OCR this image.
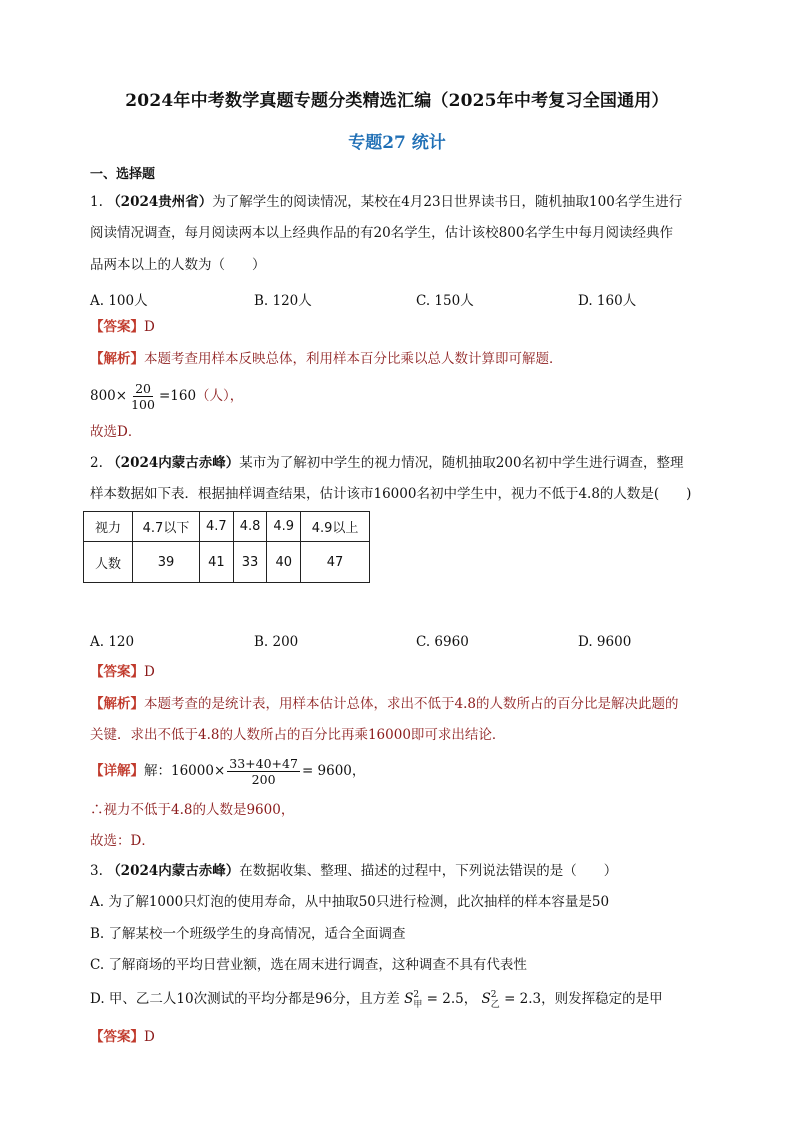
2024年中考数学真题专题分类精选汇编（2025年中考复习全国通用）
专题27 统计
一、选择题
1. （2024贵州省）为了解学生的阅读情况，某校在4月23日世界读书日，随机抽取100名学生进行
阅读情况调查，每月阅读两本以上经典作品的有20名学生，估计该校800名学生中每月阅读经典作
品两本以上的人数为（　　）
A. 100人	B. 120人	C. 150人	D. 160人
【答案】D
【解析】本题考查用样本反映总体，利用样本百分比乘以总人数计算即可解题．
$800\times \frac{20}{100} =160$（人），
故选D．
2. （2024内蒙古赤峰）某市为了解初中学生的视力情况，随机抽取200名初中学生进行调查，整理
样本数据如下表．根据抽样调查结果，估计该市16000名初中学生中，视力不低于4.8的人数是(　　)
视力	4.7以下	4.7	4.8	4.9	4.9以上
人数	39	41	33	40	47
A. 120	B. 200	C. 6960	D. 9600
【答案】D
【解析】本题考查的是统计表，用样本估计总体，求出不低于4.8的人数所占的百分比是解决此题的
关键．求出不低于4.8的人数所占的百分比再乘16000即可求出结论．
【详解】解：$16000\times \frac{33+40+47}{200} = 9600$，
∴视力不低于4.8的人数是9600，
故选：D．
3. （2024内蒙古赤峰）在数据收集、整理、描述的过程中，下列说法错误的是（　　）
A. 为了解1000只灯泡的使用寿命，从中抽取50只进行检测，此次抽样的样本容量是50
B. 了解某校一个班级学生的身高情况，适合全面调查
C. 了解商场的平均日营业额，选在周末进行调查，这种调查不具有代表性
D. 甲、乙二人10次测试的平均分都是96分，且方差 S 2
甲 = 2.5， S 2
乙 = 2.3，则发挥稳定的是甲
【答案】D
